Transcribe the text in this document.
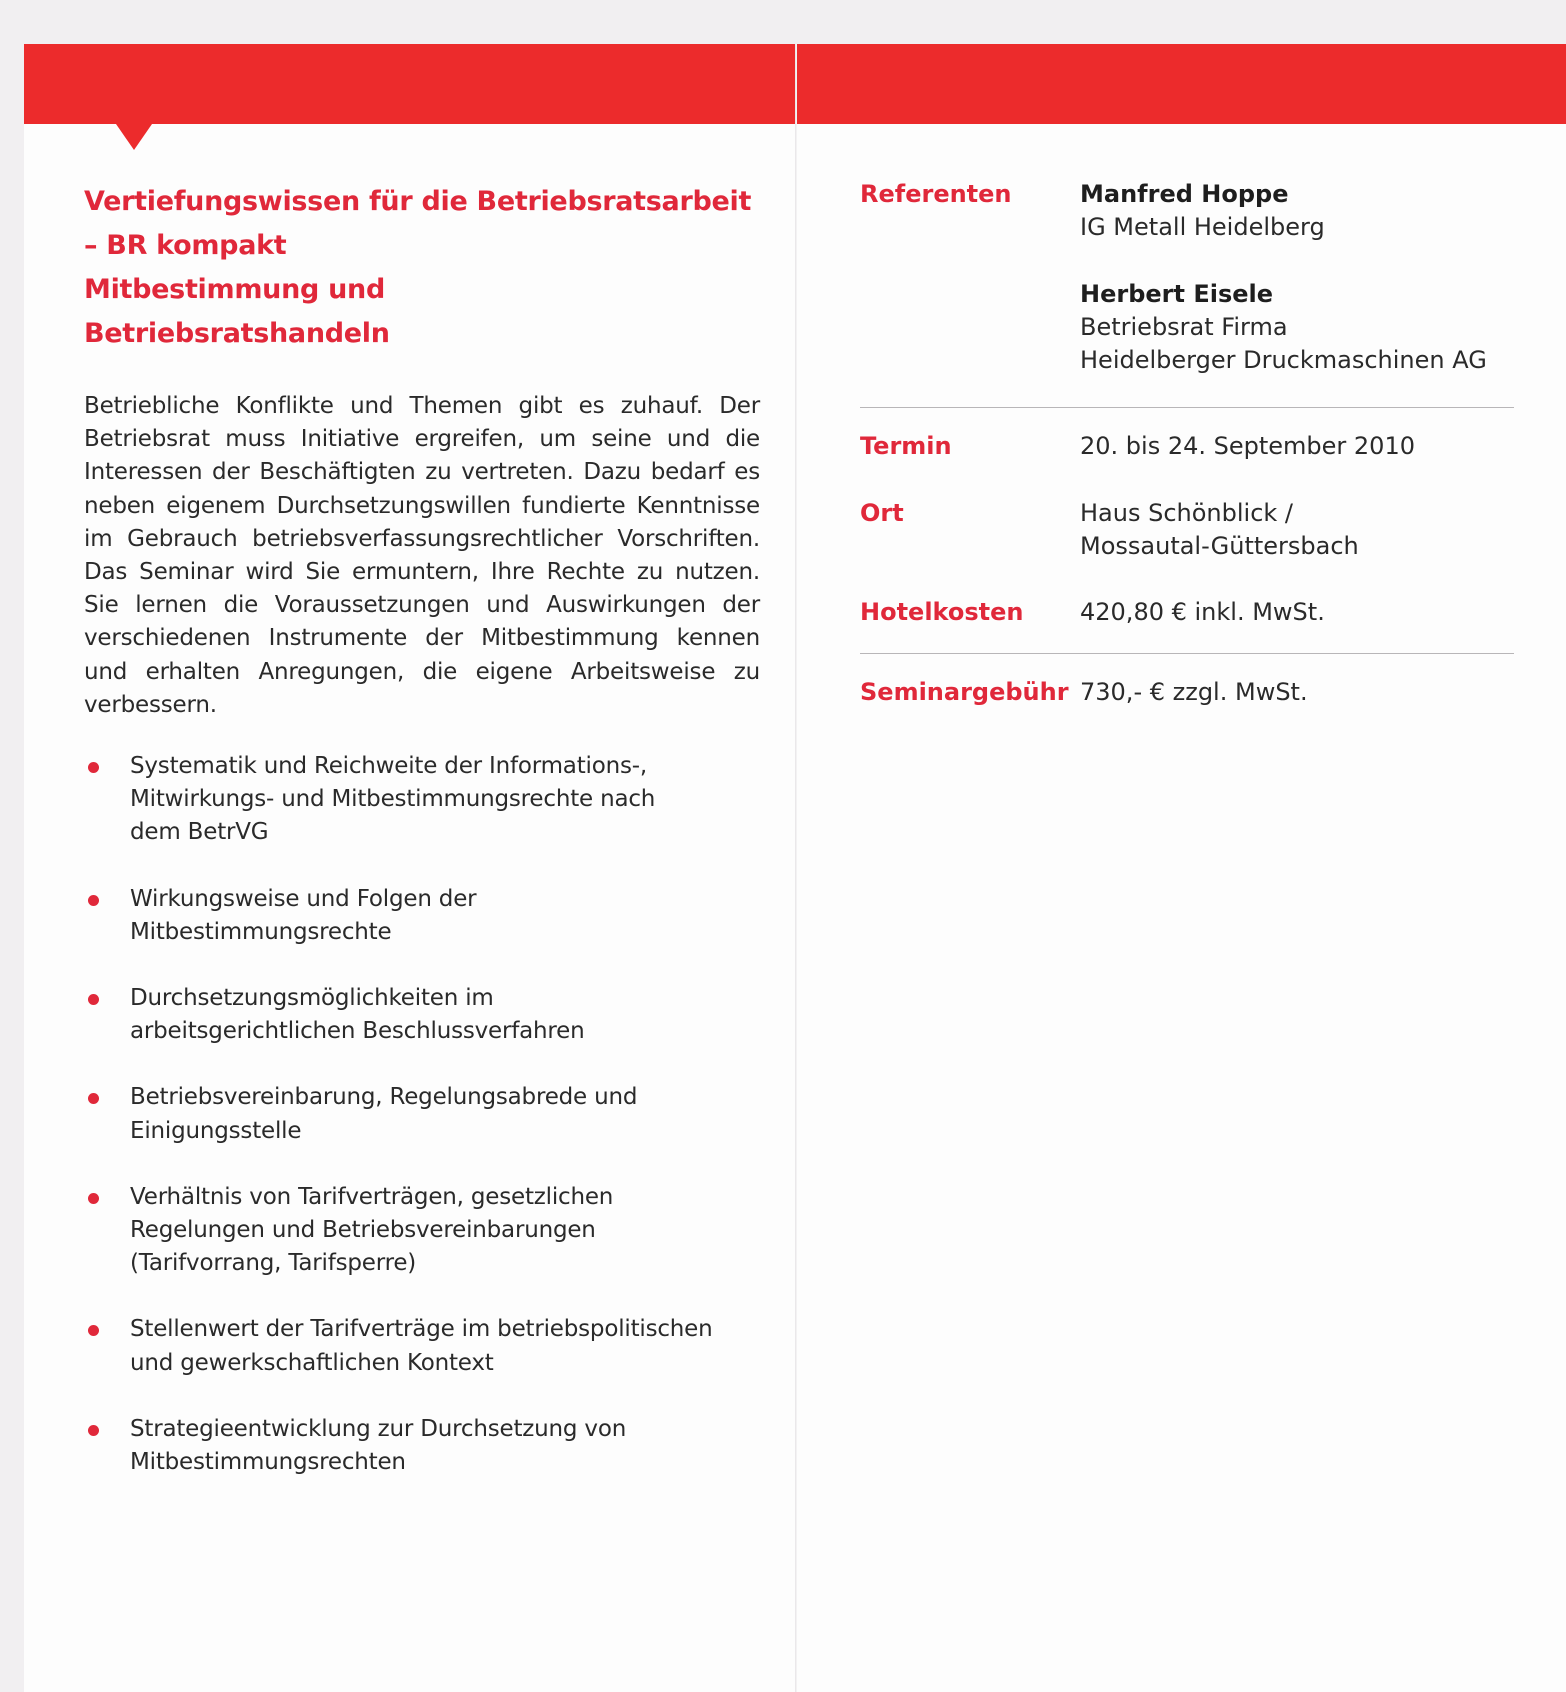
Vertiefungswissen für die Betriebsratsarbeit
– BR kompakt
Mitbestimmung und
Betriebsratshandeln

Betriebliche Konflikte und Themen gibt es zuhauf. Der Betriebsrat muss Initiative ergreifen, um seine und die Interessen der Beschäftigten zu vertreten. Dazu bedarf es neben eigenem Durchsetzungswillen fundierte Kenntnisse im Gebrauch betriebsverfassungsrechtlicher Vorschriften. Das Seminar wird Sie ermuntern, Ihre Rechte zu nutzen. Sie lernen die Voraussetzungen und Auswirkungen der verschiedenen Instrumente der Mitbestimmung kennen und erhalten Anregungen, die eigene Arbeitsweise zu verbessern.

Systematik und Reichweite der Informations-,
Mitwirkungs- und Mitbestimmungsrechte nach
dem BetrVG
Wirkungsweise und Folgen der
Mitbestimmungsrechte
Durchsetzungsmöglichkeiten im
arbeitsgerichtlichen Beschlussverfahren
Betriebsvereinbarung, Regelungsabrede und
Einigungsstelle
Verhältnis von Tarifverträgen, gesetzlichen
Regelungen und Betriebsvereinbarungen
(Tarifvorrang, Tarifsperre)
Stellenwert der Tarifverträge im betriebspolitischen
und gewerkschaftlichen Kontext
Strategieentwicklung zur Durchsetzung von
Mitbestimmungsrechten
Referenten	Manfred Hoppe
IG Metall Heidelberg
Herbert Eisele
Betriebsrat Firma
Heidelberger Druckmaschinen AG
Termin	20. bis 24. September 2010
Ort	Haus Schönblick /
Mossautal-Güttersbach
Hotelkosten	420,80 € inkl. MwSt.
Seminargebühr 730,- € zzgl. MwSt.
